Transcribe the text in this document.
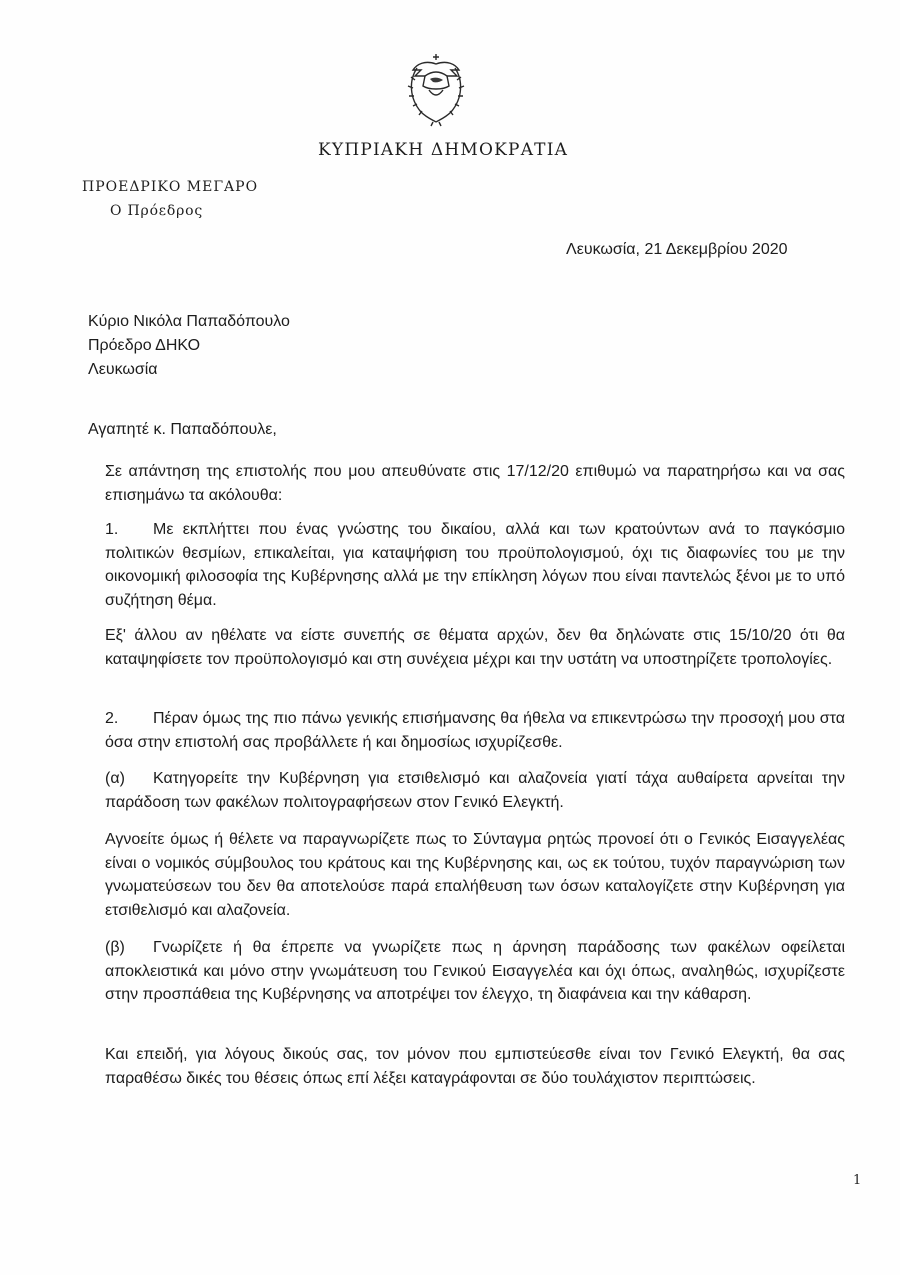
ΚΥΠΡΙΑΚΗ ΔΗΜΟΚΡΑΤΙΑ
ΠΡΟΕΔΡΙΚΟ ΜΕΓΑΡΟ
Ο Πρόεδρος
Λευκωσία, 21 Δεκεμβρίου 2020
Κύριο Νικόλα Παπαδόπουλο
Πρόεδρο ΔΗΚΟ
Λευκωσία
Αγαπητέ κ. Παπαδόπουλε,
Σε απάντηση της επιστολής που μου απευθύνατε στις 17/12/20 επιθυμώ να παρατηρήσω και να σας επισημάνω τα ακόλουθα:
1. Με εκπλήττει που ένας γνώστης του δικαίου, αλλά και των κρατούντων ανά το παγκόσμιο πολιτικών θεσμίων, επικαλείται, για καταψήφιση του προϋπολογισμού, όχι τις διαφωνίες του με την οικονομική φιλοσοφία της Κυβέρνησης αλλά με την επίκληση λόγων που είναι παντελώς ξένοι με το υπό συζήτηση θέμα.
Εξ' άλλου αν ηθέλατε να είστε συνεπής σε θέματα αρχών, δεν θα δηλώνατε στις 15/10/20 ότι θα καταψηφίσετε τον προϋπολογισμό και στη συνέχεια μέχρι και την υστάτη να υποστηρίζετε τροπολογίες.
2. Πέραν όμως της πιο πάνω γενικής επισήμανσης θα ήθελα να επικεντρώσω την προσοχή μου στα όσα στην επιστολή σας προβάλλετε ή και δημοσίως ισχυρίζεσθε.
(α) Κατηγορείτε την Κυβέρνηση για ετσιθελισμό και αλαζονεία γιατί τάχα αυθαίρετα αρνείται την παράδοση των φακέλων πολιτογραφήσεων στον Γενικό Ελεγκτή.
Αγνοείτε όμως ή θέλετε να παραγνωρίζετε πως το Σύνταγμα ρητώς προνοεί ότι ο Γενικός Εισαγγελέας είναι ο νομικός σύμβουλος του κράτους και της Κυβέρνησης και, ως εκ τούτου, τυχόν παραγνώριση των γνωματεύσεων του δεν θα αποτελούσε παρά επαλήθευση των όσων καταλογίζετε στην Κυβέρνηση για ετσιθελισμό και αλαζονεία.
(β) Γνωρίζετε ή θα έπρεπε να γνωρίζετε πως η άρνηση παράδοσης των φακέλων οφείλεται αποκλειστικά και μόνο στην γνωμάτευση του Γενικού Εισαγγελέα και όχι όπως, αναληθώς, ισχυρίζεστε στην προσπάθεια της Κυβέρνησης να αποτρέψει τον έλεγχο, τη διαφάνεια και την κάθαρση.
Και επειδή, για λόγους δικούς σας, τον μόνον που εμπιστεύεσθε είναι τον Γενικό Ελεγκτή, θα σας παραθέσω δικές του θέσεις όπως επί λέξει καταγράφονται σε δύο τουλάχιστον περιπτώσεις.
1
